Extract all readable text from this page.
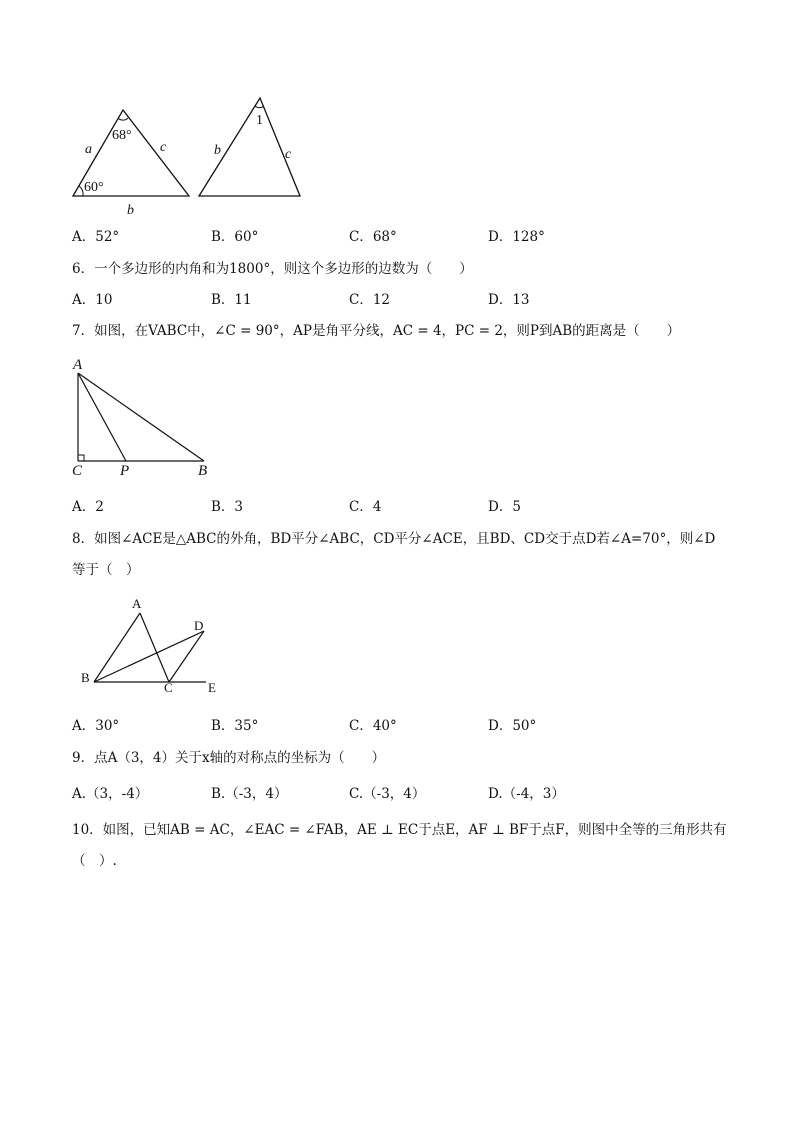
a	c
b
68°
60°
1
b	c
A．52°	B．60°	C．68°	D．128°
6．一个多边形的内角和为1800°，则这个多边形的边数为（　　）
A．10	B．11	C．12	D．13
7．如图，在VABC中，∠C = 90°，AP是角平分线，AC = 4，PC = 2，则P到AB的距离是（　　）
A
C	P	B
A．2	B．3	C．4	D．5
8．如图∠ACE是△ABC的外角，BD平分∠ABC，CD平分∠ACE，且BD、CD交于点D若∠A=70°，则∠D
等于（　）
A
B
C
D
E
A．30°	B．35°	C．40°	D．50°
9．点A（3，4）关于x轴的对称点的坐标为（　　）
A.（3，-4）	B.（-3，4）	C.（-3，4）	D.（-4，3）
10．如图，已知AB = AC，∠EAC = ∠FAB，AE ⊥ EC于点E，AF ⊥ BF于点F，则图中全等的三角形共有
（　）.
